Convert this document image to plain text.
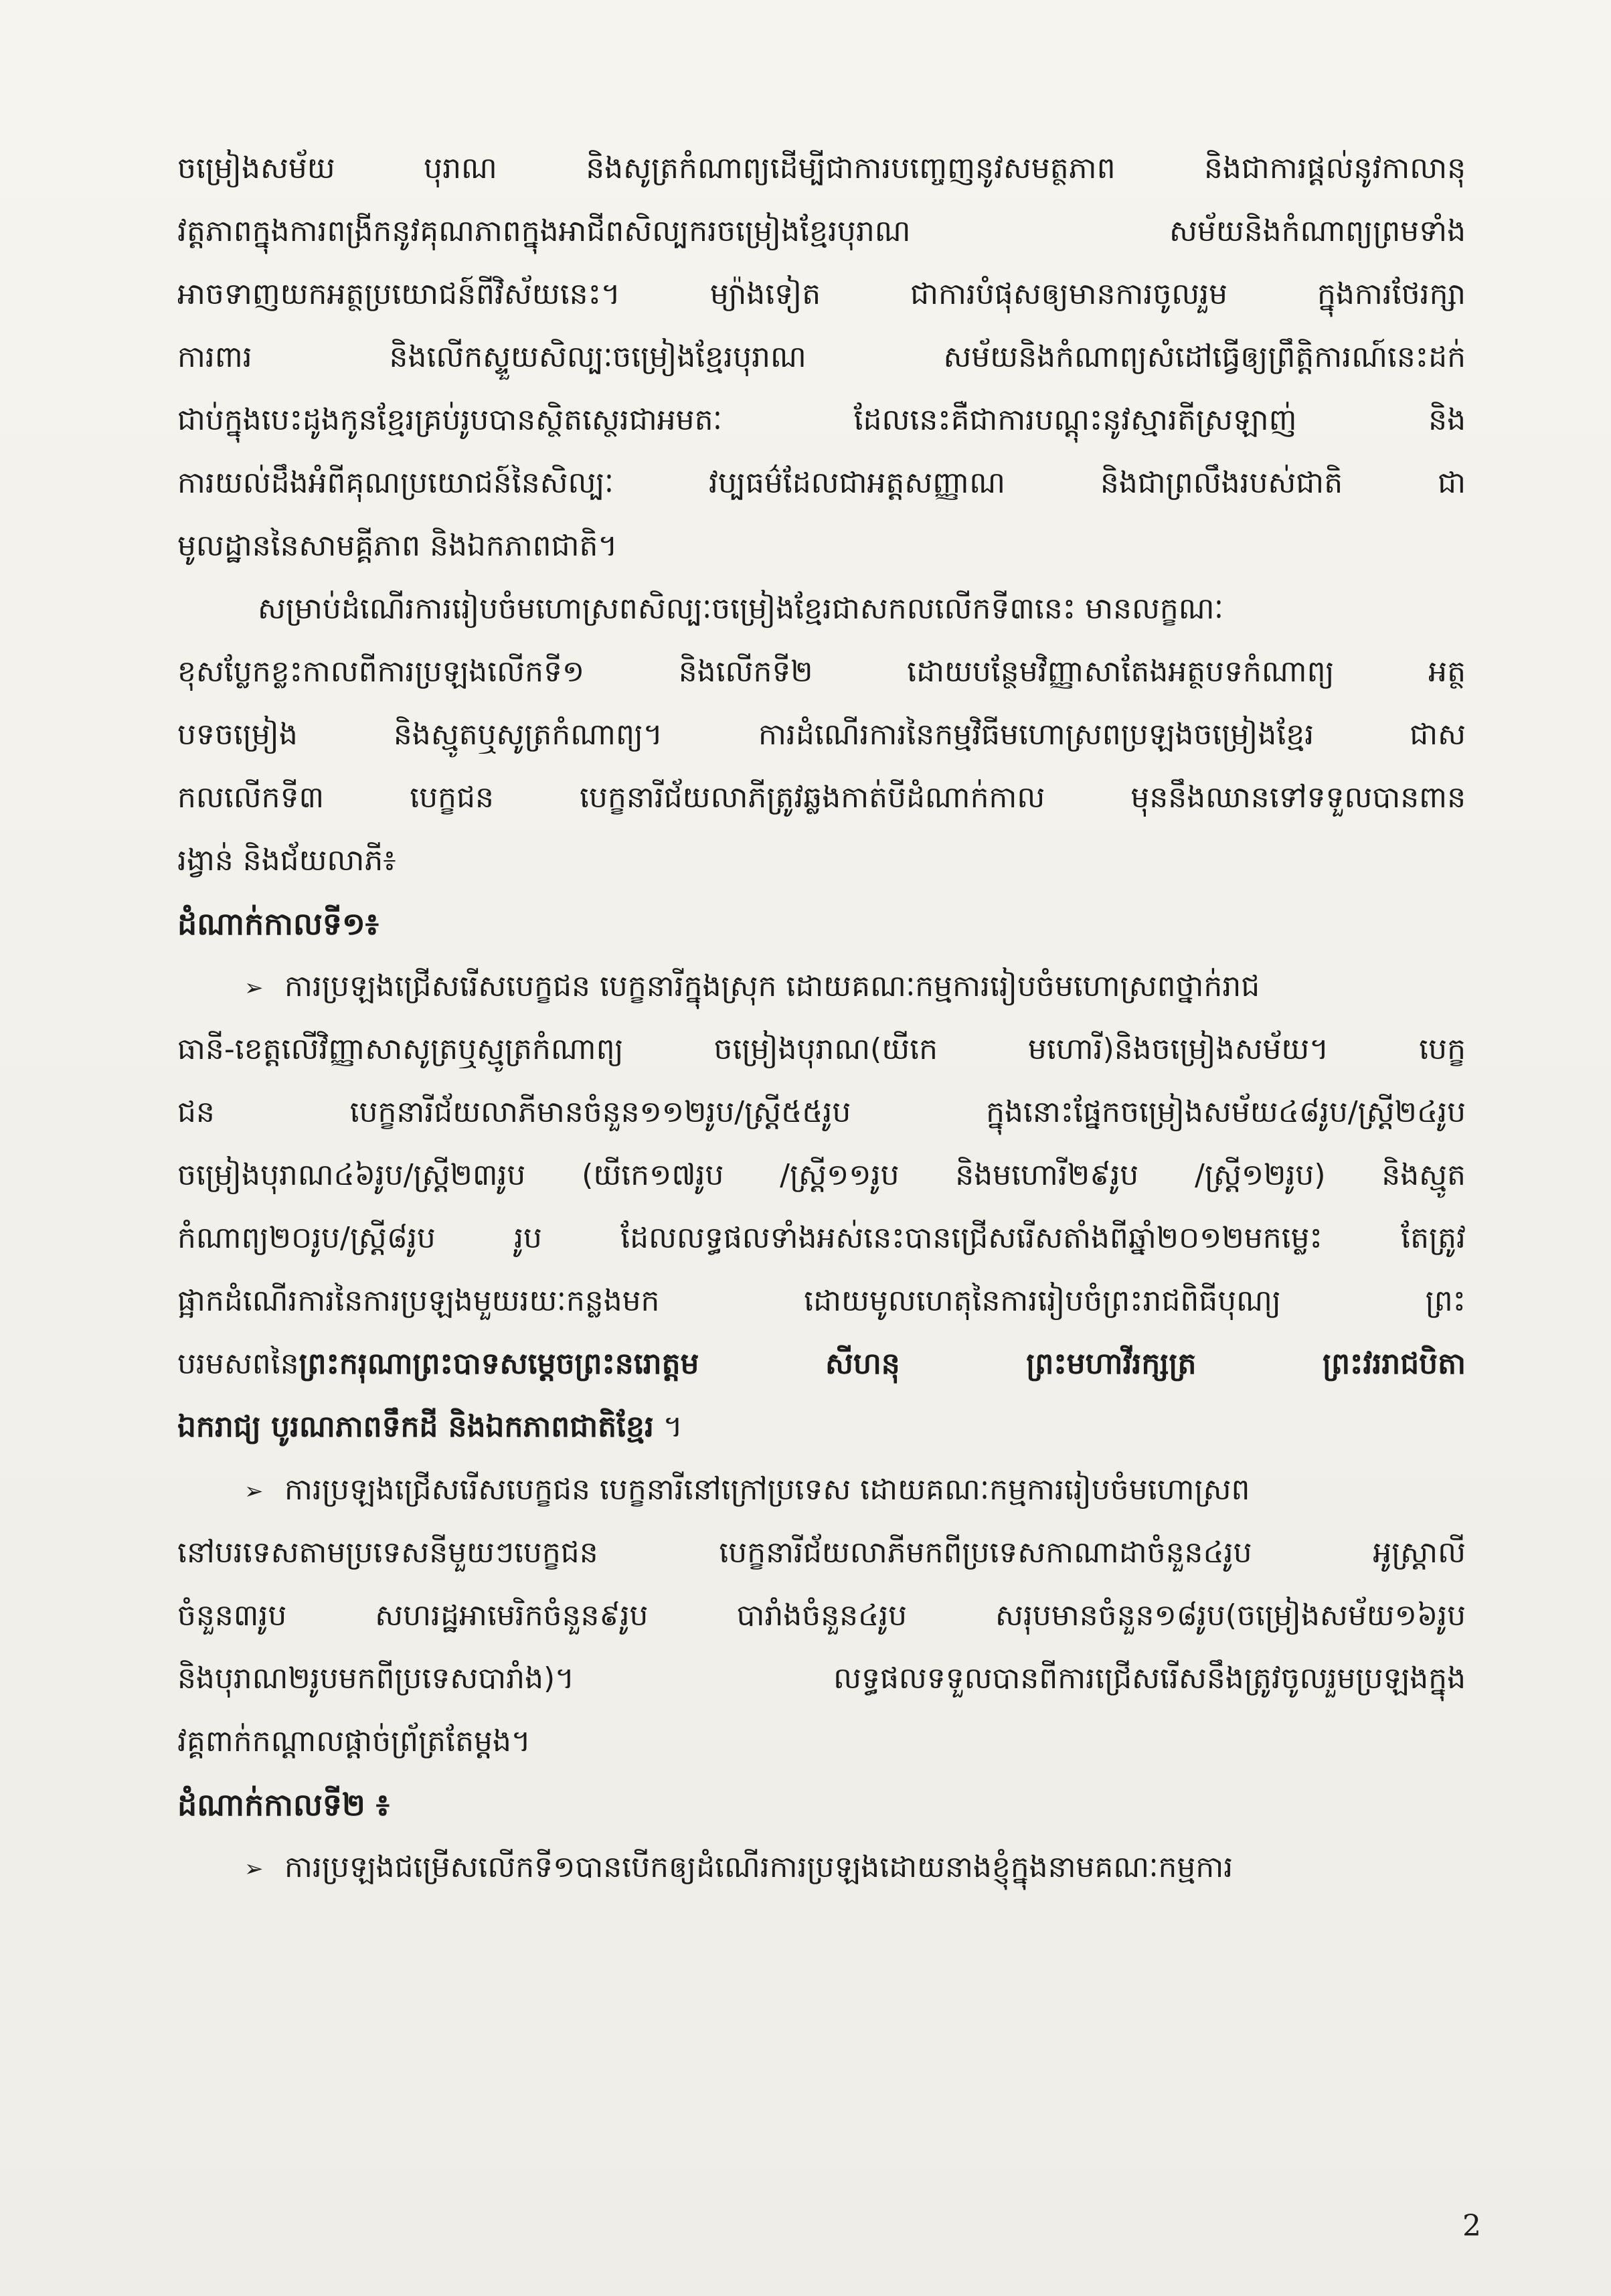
ចម្រៀងសម័យ បុរាណ និងសូត្រកំណាព្យដើម្បីជាការបញ្ចេញនូវសមត្ថភាព និងជាការផ្តល់នូវកាលានុ
វត្តភាពក្នុងការពង្រីកនូវគុណភាពក្នុងអាជីពសិល្បករចម្រៀងខ្មែរបុរាណ សម័យនិងកំណាព្យព្រមទាំង
អាចទាញយកអត្ថប្រយោជន៍ពីវិស័យនេះ។ ម្យ៉ាងទៀត ជាការបំផុសឲ្យមានការចូលរួម ក្នុងការថែរក្សា
ការពារ និងលើកស្ទួយសិល្បៈចម្រៀងខ្មែរបុរាណ សម័យនិងកំណាព្យសំដៅធ្វើឲ្យព្រឹត្តិការណ៍នេះដក់
ជាប់ក្នុងបេះដូងកូនខ្មែរគ្រប់រូបបានស្ថិតស្ថេរជាអមតៈ ដែលនេះគឺជាការបណ្តុះនូវស្មារតីស្រឡាញ់ និង
ការយល់ដឹងអំពីគុណប្រយោជន៍នៃសិល្បៈ វប្បធម៌ដែលជាអត្តសញ្ញាណ និងជាព្រលឹងរបស់ជាតិ ជា
មូលដ្ឋាននៃសាមគ្គីភាព និងឯកភាពជាតិ។
សម្រាប់ដំណើរការរៀបចំមហោស្រពសិល្បៈចម្រៀងខ្មែរជាសកលលើកទី៣នេះ មានលក្ខណៈ
ខុសប្លែកខ្លះកាលពីការប្រឡងលើកទី១ និងលើកទី២ ដោយបន្ថែមវិញ្ញាសាតែងអត្ថបទកំណាព្យ អត្ថ
បទចម្រៀង និងស្មូតឬសូត្រកំណាព្យ។ ការដំណើរការនៃកម្មវិធីមហោស្រពប្រឡងចម្រៀងខ្មែរ ជាស
កលលើកទី៣ បេក្ខជន បេក្ខនារីជ័យលាភីត្រូវឆ្លងកាត់បីដំណាក់កាល មុននឹងឈានទៅទទួលបានពាន
រង្វាន់ និងជ័យលាភី៖
ដំណាក់កាលទី១៖
➢ ការប្រឡងជ្រើសរើសបេក្ខជន បេក្ខនារីក្នុងស្រុក ដោយគណៈកម្មការរៀបចំមហោស្រពថ្នាក់រាជ
ធានី-ខេត្តលើវិញ្ញាសាសូត្រឬស្មូត្រកំណាព្យ ចម្រៀងបុរាណ(យីកេ មហោរី)និងចម្រៀងសម័យ។ បេក្ខ
ជន បេក្ខនារីជ័យលាភីមានចំនួន១១២រូប/ស្ត្រី៥៥រូប ក្នុងនោះផ្នែកចម្រៀងសម័យ៤៨រូប/ស្ត្រី២៤រូប
ចម្រៀងបុរាណ៤៦រូប/ស្ត្រី២៣រូប (យីកេ១៧រូប /ស្ត្រី១១រូប និងមហោរី២៩រូប /ស្ត្រី១២រូប) និងស្មូត
កំណាព្យ២០រូប/ស្ត្រី៨រូប រូប ដែលលទ្ធផលទាំងអស់នេះបានជ្រើសរើសតាំងពីឆ្នាំ២០១២មកម្លេះ តែត្រូវ
ផ្អាកដំណើរការនៃការប្រឡងមួយរយៈកន្លងមក ដោយមូលហេតុនៃការរៀបចំព្រះរាជពិធីបុណ្យ ព្រះ
បរមសពនៃព្រះករុណាព្រះបាទសម្តេចព្រះនរោត្តម សីហនុ ព្រះមហាវីរក្សត្រ ព្រះវររាជបិតា
ឯករាជ្យ បូរណភាពទឹកដី និងឯកភាពជាតិខ្មែរ ។
➢ ការប្រឡងជ្រើសរើសបេក្ខជន បេក្ខនារីនៅក្រៅប្រទេស ដោយគណៈកម្មការរៀបចំមហោស្រព
នៅបរទេសតាមប្រទេសនីមួយៗបេក្ខជន បេក្ខនារីជ័យលាភីមកពីប្រទេសកាណាដាចំនួន៤រូប អូស្ត្រាលី
ចំនួន៣រូប សហរដ្ឋអាមេរិកចំនួន៩រូប បារាំងចំនួន៤រូប សរុបមានចំនួន១៨រូប(ចម្រៀងសម័យ១៦រូប
និងបុរាណ២រូបមកពីប្រទេសបារាំង)។ លទ្ធផលទទួលបានពីការជ្រើសរើសនឹងត្រូវចូលរួមប្រឡងក្នុង
វគ្គពាក់កណ្តាលផ្តាច់ព្រ័ត្រតែម្តង។
ដំណាក់កាលទី២ ៖
➢ ការប្រឡងជម្រើសលើកទី១បានបើកឲ្យដំណើរការប្រឡងដោយនាងខ្ញុំក្នុងនាមគណៈកម្មការ
2
